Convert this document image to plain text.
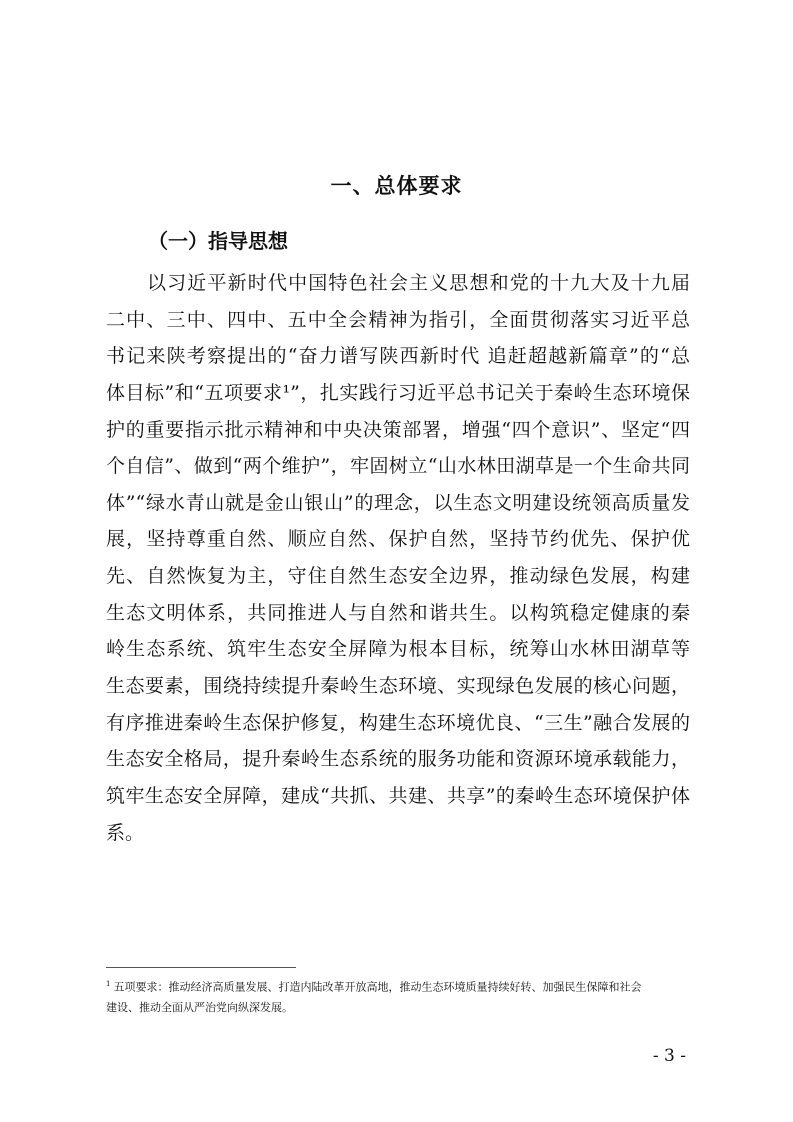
一、总体要求
（一）指导思想
以习近平新时代中国特色社会主义思想和党的十九大及十九届
二中、三中、四中、五中全会精神为指引，全面贯彻落实习近平总
书记来陕考察提出的“奋力谱写陕西新时代 追赶超越新篇章”的“总
体目标”和“五项要求¹”，扎实践行习近平总书记关于秦岭生态环境保
护的重要指示批示精神和中央决策部署，增强“四个意识”、坚定“四
个自信”、做到“两个维护”，牢固树立“山水林田湖草是一个生命共同
体”“绿水青山就是金山银山”的理念，以生态文明建设统领高质量发
展，坚持尊重自然、顺应自然、保护自然，坚持节约优先、保护优
先、自然恢复为主，守住自然生态安全边界，推动绿色发展，构建
生态文明体系，共同推进人与自然和谐共生。以构筑稳定健康的秦
岭生态系统、筑牢生态安全屏障为根本目标，统筹山水林田湖草等
生态要素，围绕持续提升秦岭生态环境、实现绿色发展的核心问题，
有序推进秦岭生态保护修复，构建生态环境优良、“三生”融合发展的
生态安全格局，提升秦岭生态系统的服务功能和资源环境承载能力，
筑牢生态安全屏障，建成“共抓、共建、共享”的秦岭生态环境保护体
系。
$^1$ 五项要求：推动经济高质量发展、打造内陆改革开放高地，推动生态环境质量持续好转、加强民生保障和社会
建设、推动全面从严治党向纵深发展。
- 3 -
